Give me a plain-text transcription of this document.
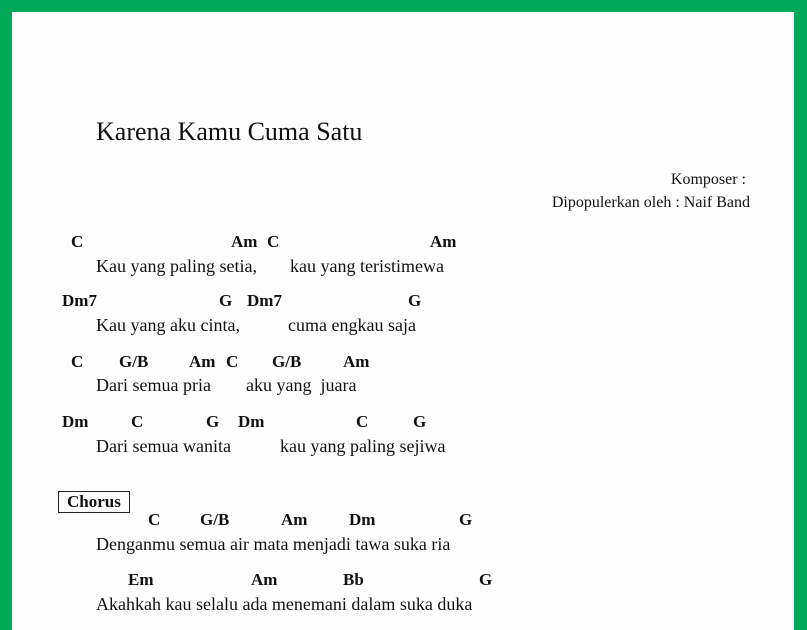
Karena Kamu Cuma Satu
Komposer :
Dipopulerkan oleh : Naif Band
C	Am C	Am
Kau yang paling setia, kau yang teristimewa
Dm7	G Dm7	G
Kau yang aku cinta,	cuma engkau saja
C G/B Am C G/B Am
Dari semua pria aku yang  juara
Dm	C	G Dm	C	G
Dari semua wanita	kau yang paling sejiwa
Chorus
C G/B	Am Dm	G
Denganmu semua air mata menjadi tawa suka ria
Em	Am	Bb	G
Akahkah kau selalu ada menemani dalam suka duka
